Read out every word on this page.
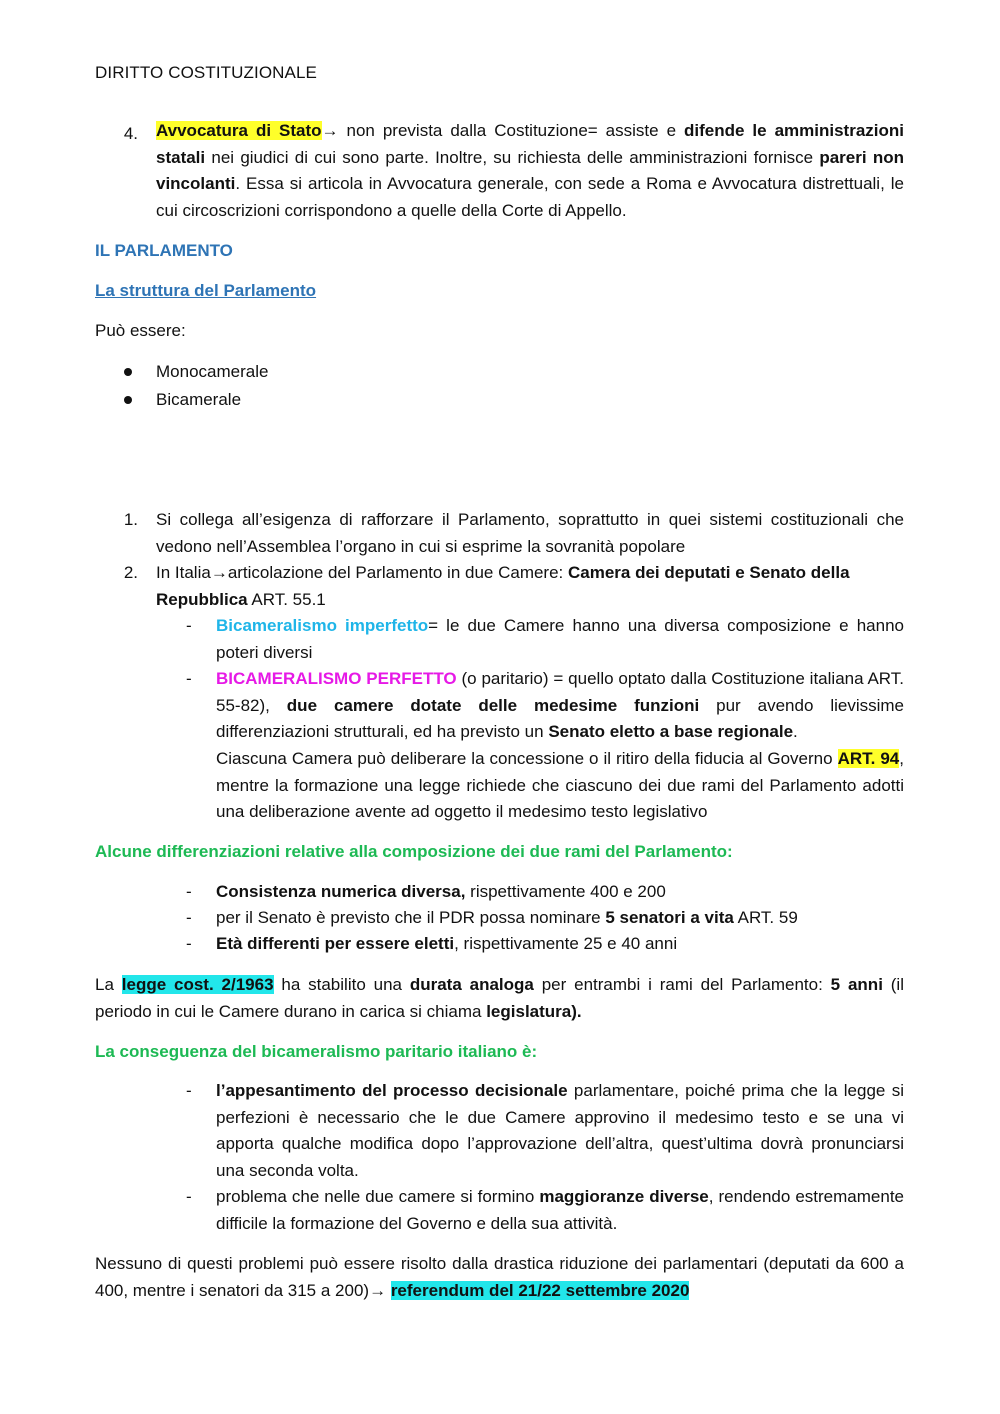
DIRITTO COSTITUZIONALE
4. Avvocatura di Stato→ non prevista dalla Costituzione= assiste e difende le amministrazioni statali nei giudici di cui sono parte. Inoltre, su richiesta delle amministrazioni fornisce pareri non vincolanti. Essa si articola in Avvocatura generale, con sede a Roma e Avvocatura distrettuali, le cui circoscrizioni corrispondono a quelle della Corte di Appello.
IL PARLAMENTO
La struttura del Parlamento
Può essere:
Monocamerale
Bicamerale
1. Si collega all’esigenza di rafforzare il Parlamento, soprattutto in quei sistemi costituzionali che vedono nell’Assemblea l’organo in cui si esprime la sovranità popolare
2. In Italia→articolazione del Parlamento in due Camere: Camera dei deputati e Senato della Repubblica ART. 55.1
- Bicameralismo imperfetto= le due Camere hanno una diversa composizione e hanno poteri diversi
- BICAMERALISMO PERFETTO (o paritario) = quello optato dalla Costituzione italiana ART. 55-82), due camere dotate delle medesime funzioni pur avendo lievissime differenziazioni strutturali, ed ha previsto un Senato eletto a base regionale.
Ciascuna Camera può deliberare la concessione o il ritiro della fiducia al Governo ART. 94, mentre la formazione una legge richiede che ciascuno dei due rami del Parlamento adotti una deliberazione avente ad oggetto il medesimo testo legislativo
Alcune differenziazioni relative alla composizione dei due rami del Parlamento:
- Consistenza numerica diversa, rispettivamente 400 e 200
- per il Senato è previsto che il PDR possa nominare 5 senatori a vita ART. 59
- Età differenti per essere eletti, rispettivamente 25 e 40 anni
La legge cost. 2/1963 ha stabilito una durata analoga per entrambi i rami del Parlamento: 5 anni (il periodo in cui le Camere durano in carica si chiama legislatura).
La conseguenza del bicameralismo paritario italiano è:
- l’appesantimento del processo decisionale parlamentare, poiché prima che la legge si perfezioni è necessario che le due Camere approvino il medesimo testo e se una vi apporta qualche modifica dopo l’approvazione dell’altra, quest’ultima dovrà pronunciarsi una seconda volta.
- problema che nelle due camere si formino maggioranze diverse, rendendo estremamente difficile la formazione del Governo e della sua attività.
Nessuno di questi problemi può essere risolto dalla drastica riduzione dei parlamentari (deputati da 600 a 400, mentre i senatori da 315 a 200)→ referendum del 21/22 settembre 2020
